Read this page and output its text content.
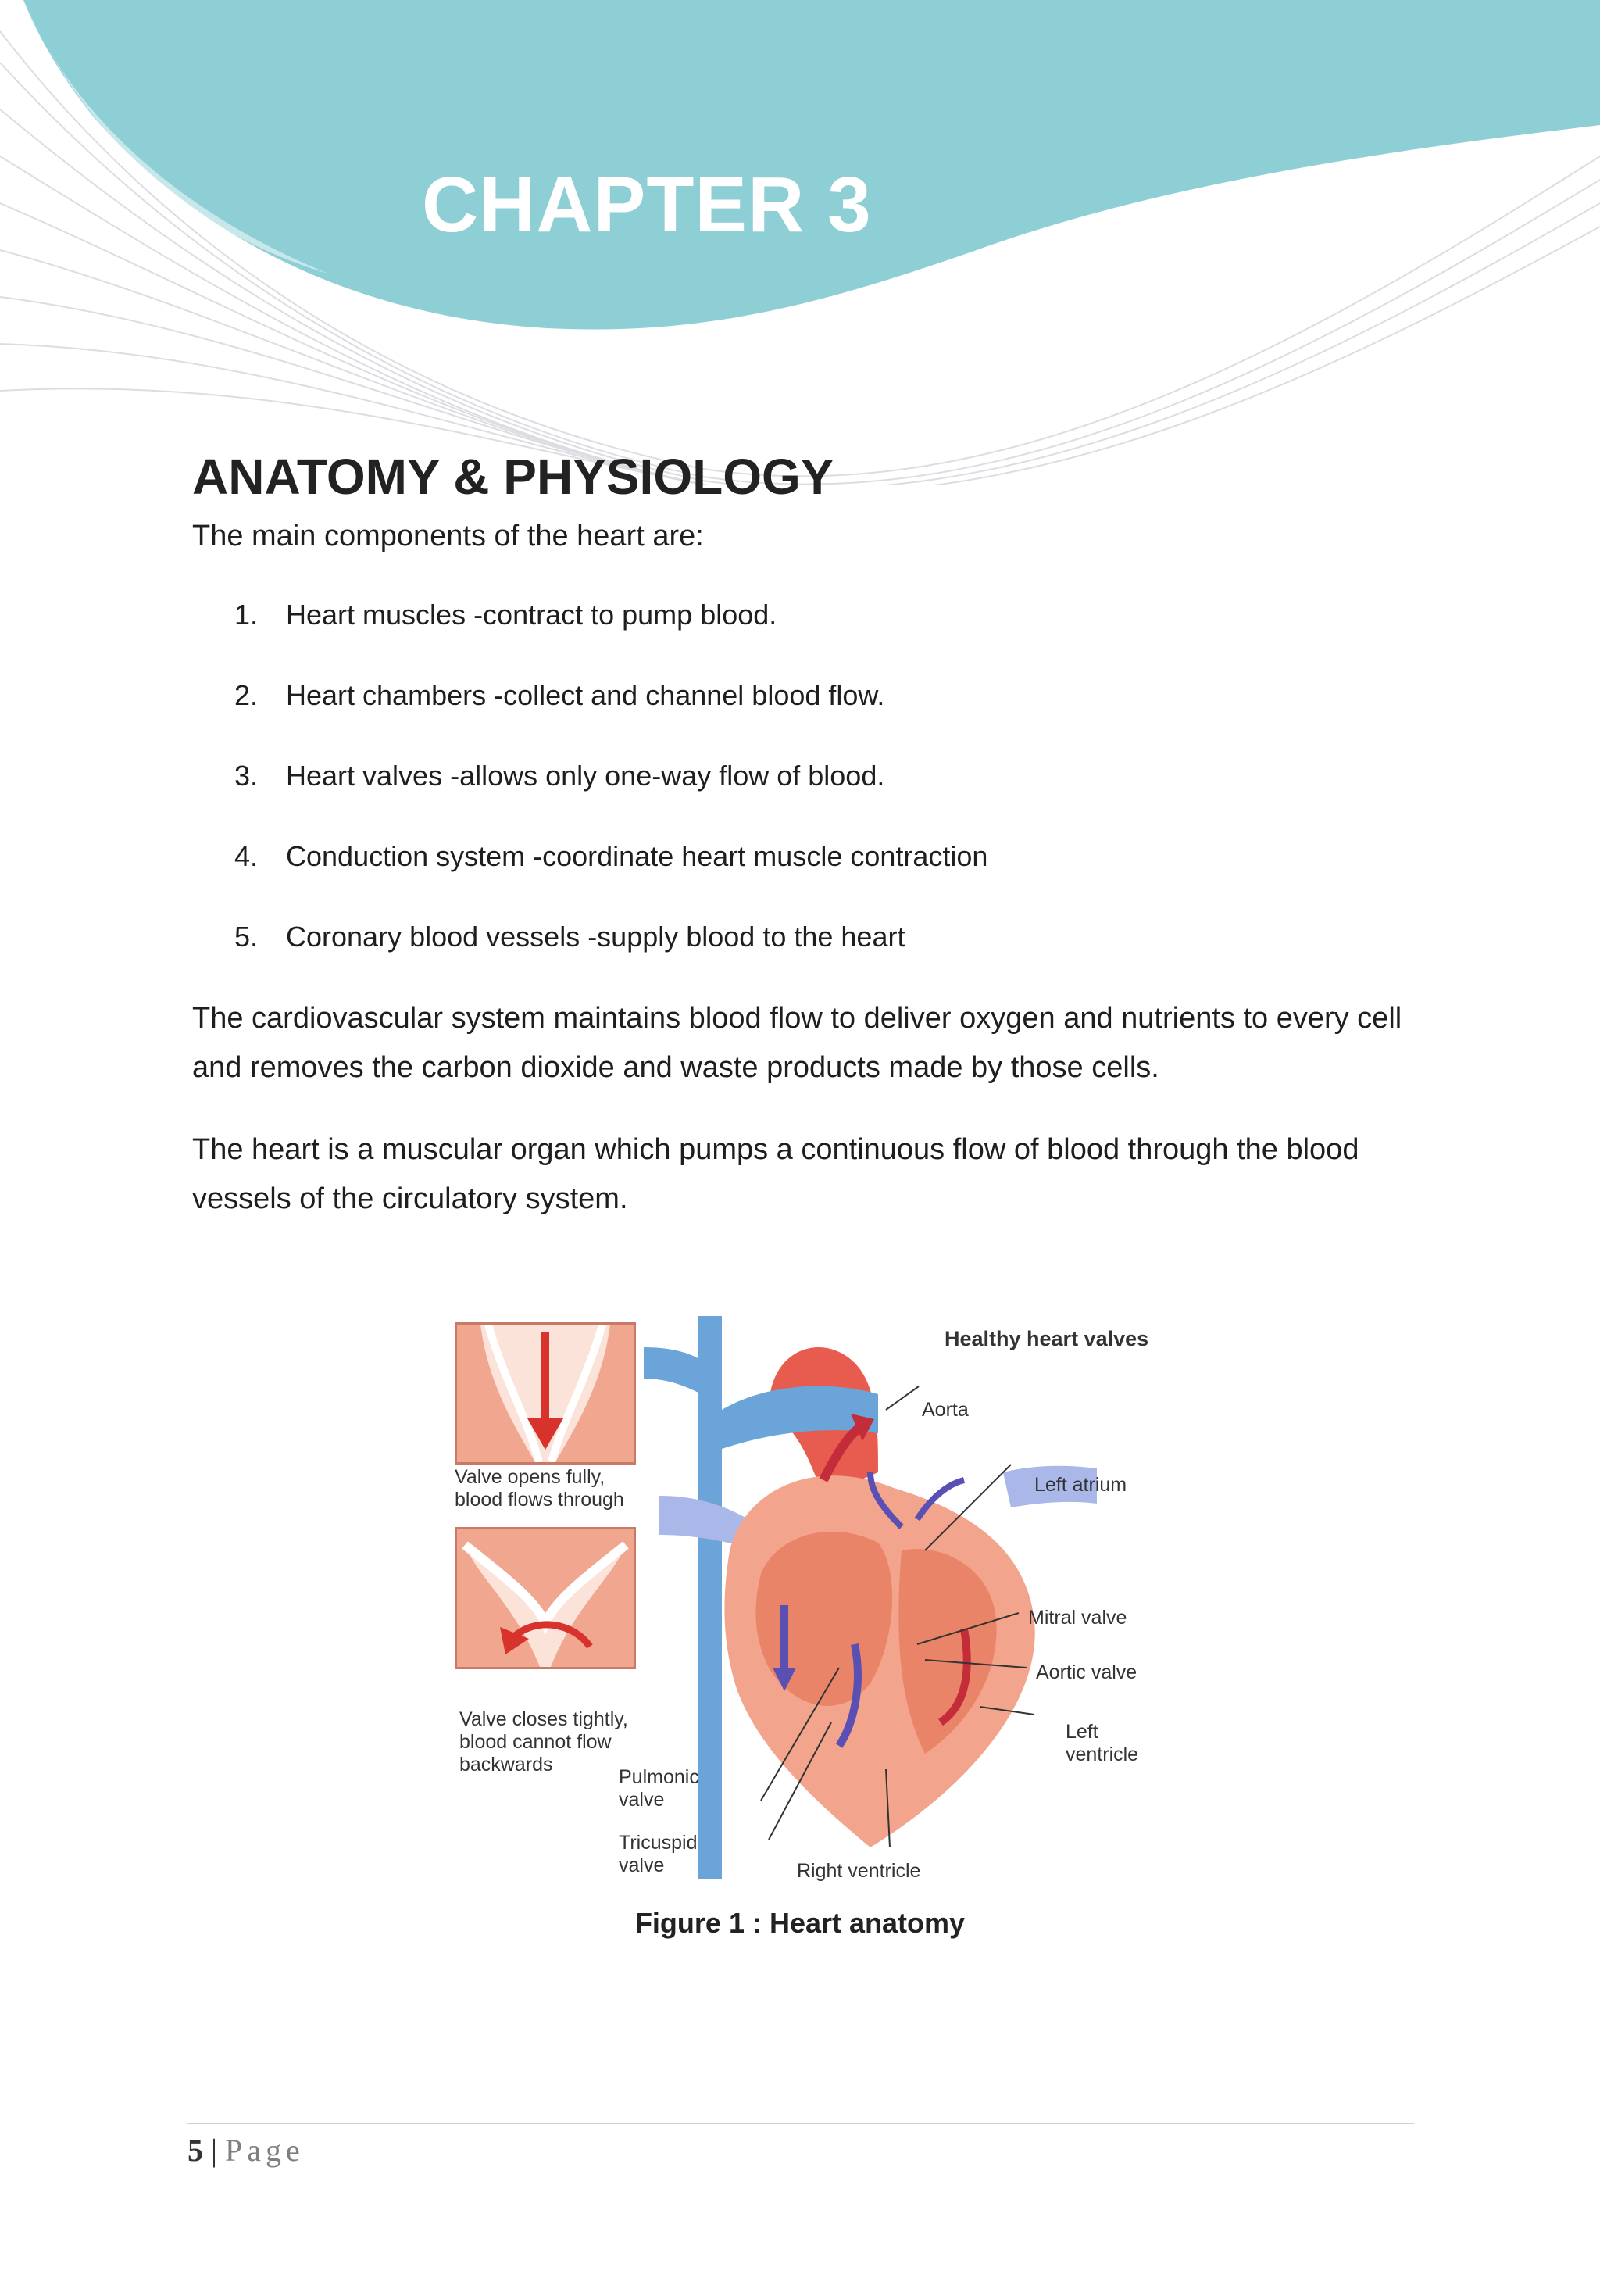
CHAPTER 3
ANATOMY & PHYSIOLOGY
The main components of the heart are:
1. Heart muscles -contract to pump blood.
2. Heart chambers -collect and channel blood flow.
3. Heart valves -allows only one-way flow of blood.
4. Conduction system -coordinate heart muscle contraction
5. Coronary blood vessels -supply blood to the heart
The cardiovascular system maintains blood flow to deliver oxygen and nutrients to every cell and removes the carbon dioxide and waste products made by those cells.
The heart is a muscular organ which pumps a continuous flow of blood through the blood vessels of the circulatory system.
Valve opens fully,
blood flows through
Valve closes tightly,
blood cannot flow
backwards
Healthy heart valves
Aorta
Left atrium
Mitral valve
Aortic valve
Left
ventricle
Pulmonic
valve
Tricuspid
valve	Right ventricle
Figure 1 : Heart anatomy
5 | Page
